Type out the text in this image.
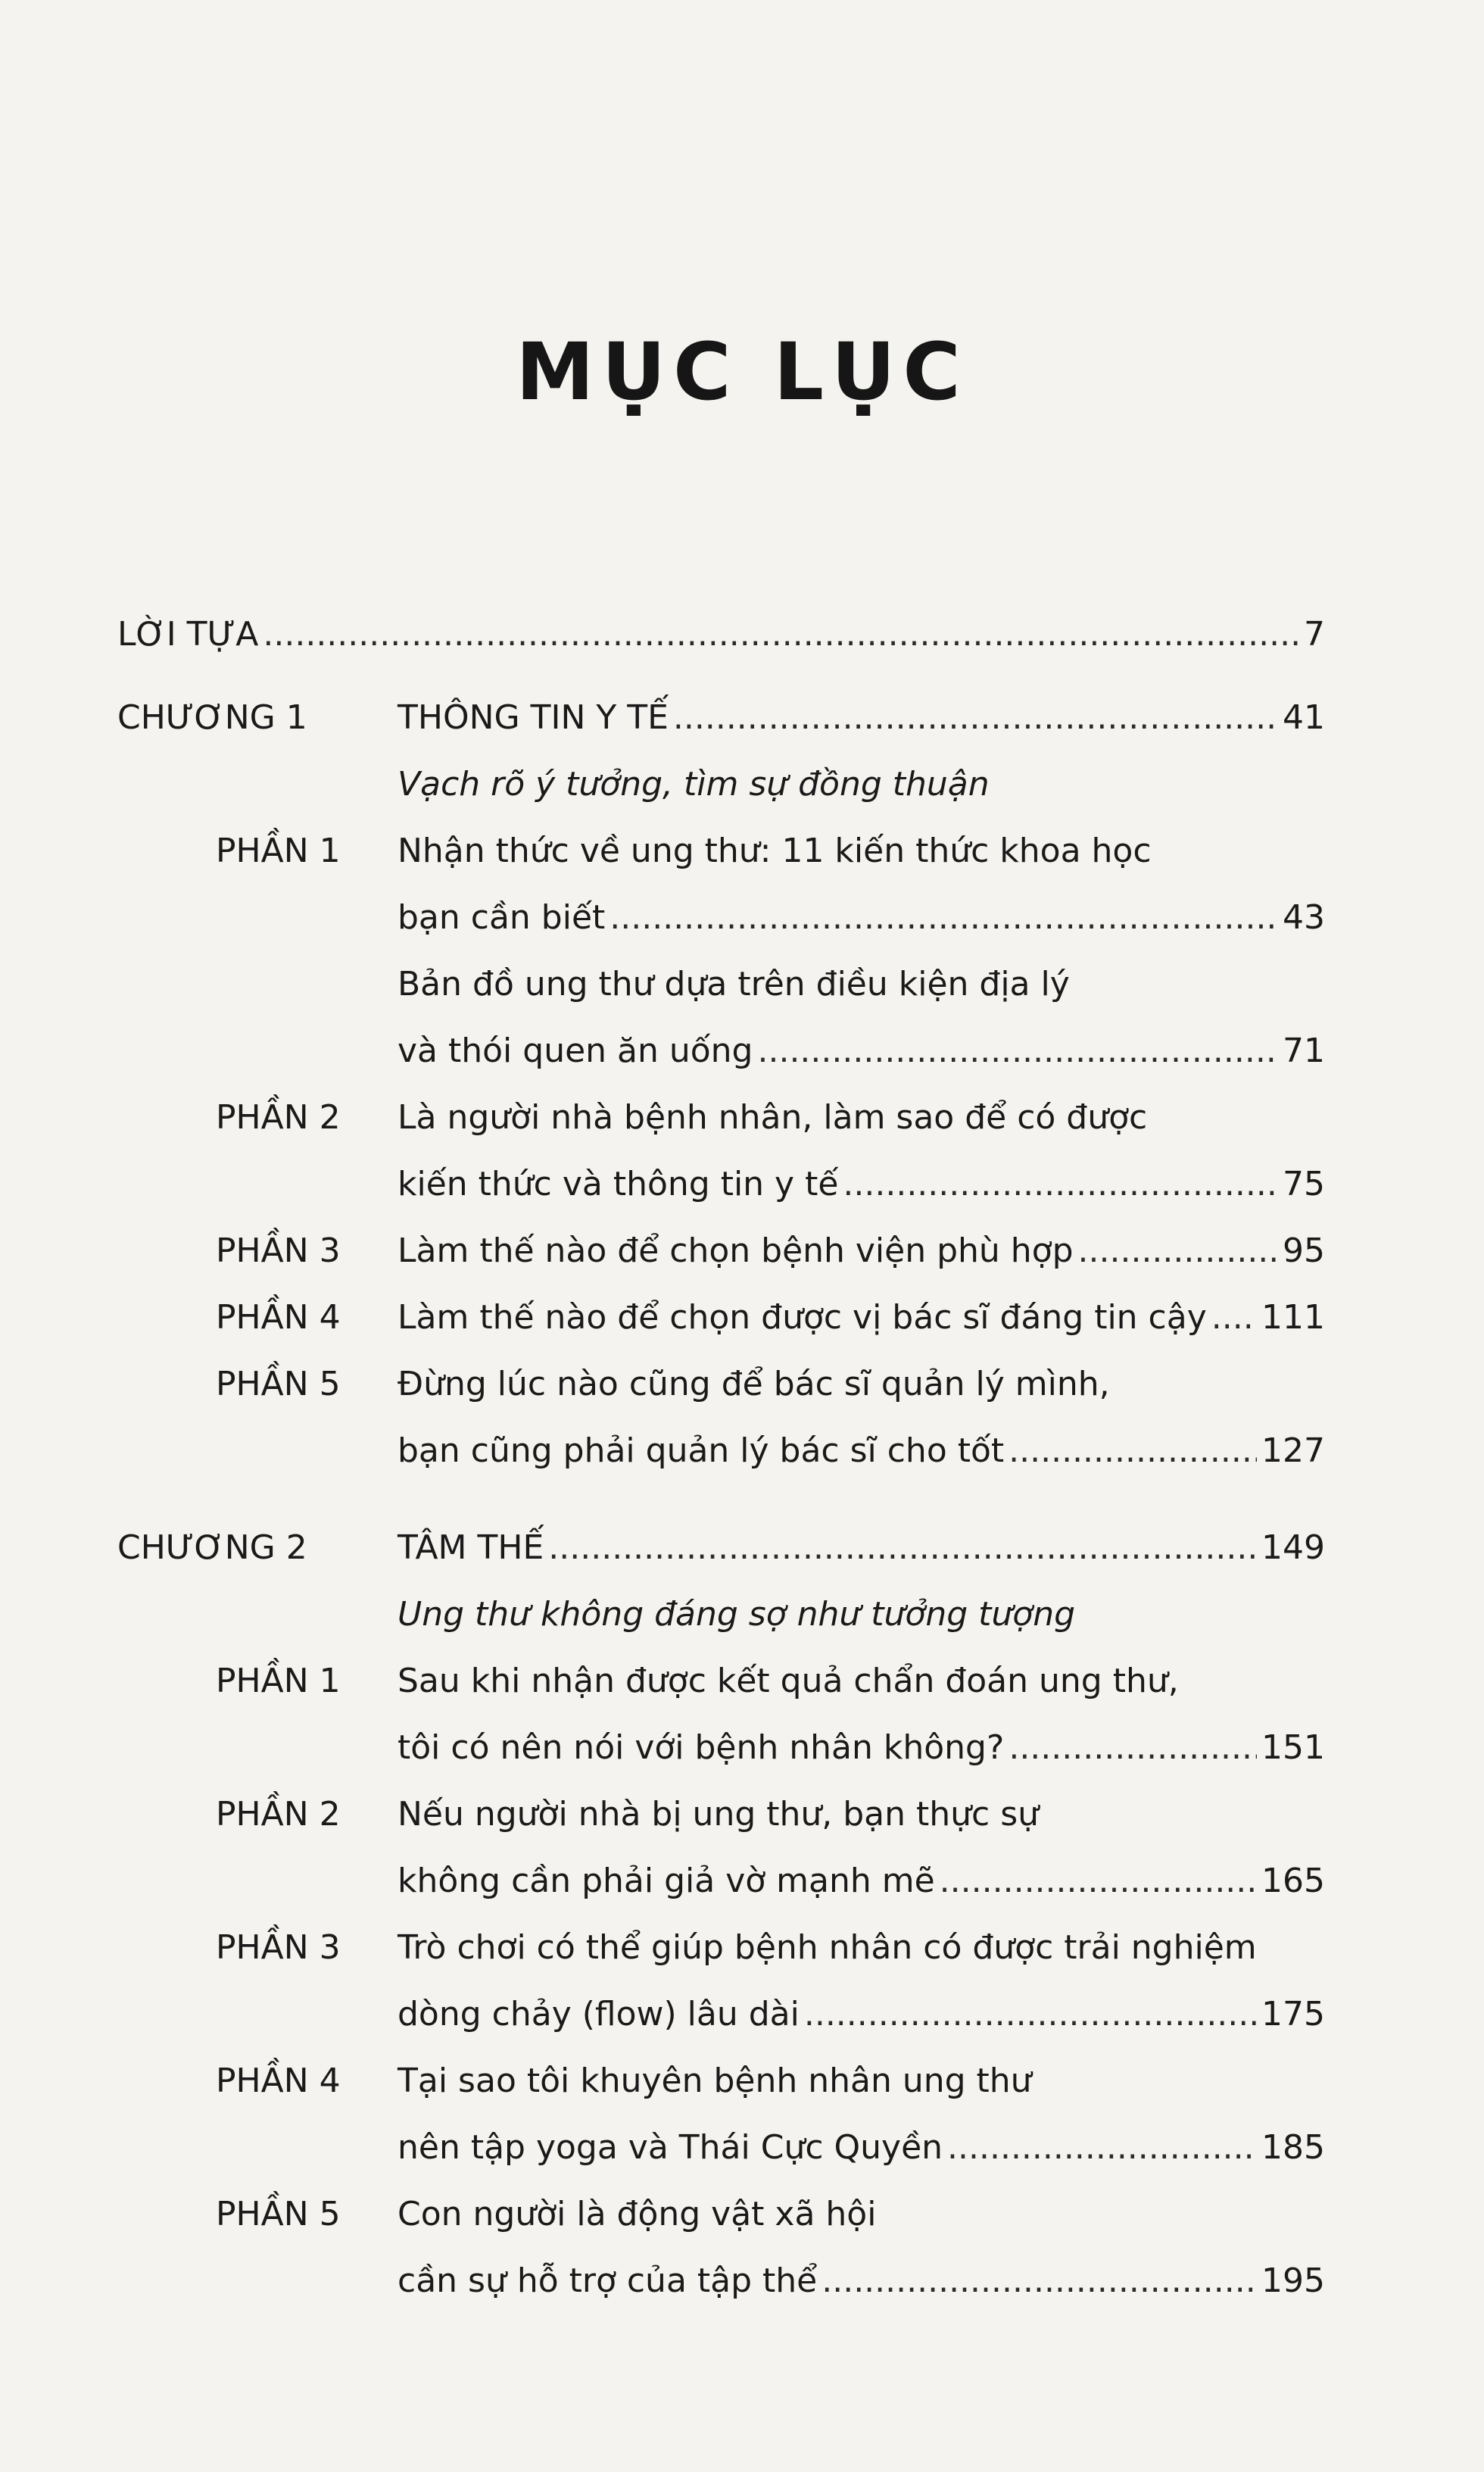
MỤC LỤC
LỜI TỰA .....	7
CHƯƠNG 1	THÔNG TIN Y TẾ .....	41
Vạch rõ ý tưởng, tìm sự đồng thuận
PHẦN 1 Nhận thức về ung thư: 11 kiến thức khoa học
bạn cần biết .....	43
Bản đồ ung thư dựa trên điều kiện địa lý
và thói quen ăn uống .....	71
PHẦN 2 Là người nhà bệnh nhân, làm sao để có được
kiến thức và thông tin y tế .....	75
PHẦN 3 Làm thế nào để chọn bệnh viện phù hợp .....	95
PHẦN 4 Làm thế nào để chọn được vị bác sĩ đáng tin cậy ..... 111
PHẦN 5 Đừng lúc nào cũng để bác sĩ quản lý mình,
bạn cũng phải quản lý bác sĩ cho tốt .....	127
CHƯƠNG 2	TÂM THẾ .....	149
Ung thư không đáng sợ như tưởng tượng
PHẦN 1 Sau khi nhận được kết quả chẩn đoán ung thư,
tôi có nên nói với bệnh nhân không? .....	151
PHẦN 2 Nếu người nhà bị ung thư, bạn thực sự
không cần phải giả vờ mạnh mẽ .....	165
PHẦN 3 Trò chơi có thể giúp bệnh nhân có được trải nghiệm
dòng chảy (flow) lâu dài .....	175
PHẦN 4 Tại sao tôi khuyên bệnh nhân ung thư
nên tập yoga và Thái Cực Quyền .....	185
PHẦN 5 Con người là động vật xã hội
cần sự hỗ trợ của tập thể .....	195
